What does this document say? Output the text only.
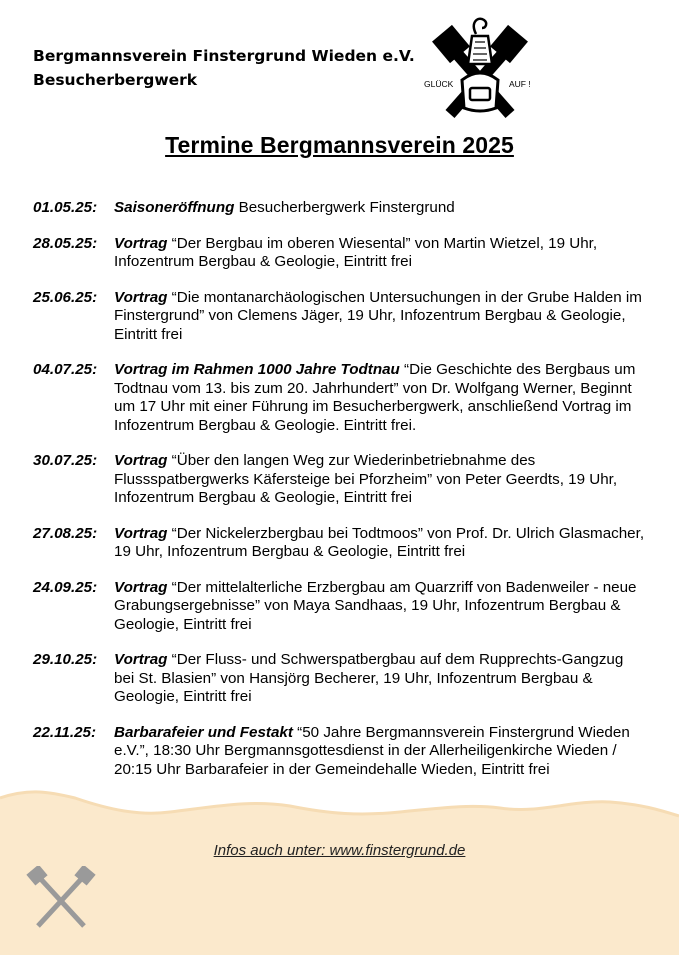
Bergmannsverein Finstergrund Wieden e.V.
Besucherbergwerk	GLÜCK	AUF !
Termine Bergmannsverein 2025
01.05.25:	Saisoneröffnung Besucherbergwerk Finstergrund
28.05.25:	Vortrag “Der Bergbau im oberen Wiesental” von Martin Wietzel, 19 Uhr, Infozentrum Bergbau & Geologie, Eintritt frei
25.06.25:	Vortrag “Die montanarchäologischen Untersuchungen in der Grube Halden im Finstergrund” von Clemens Jäger, 19 Uhr, Infozentrum Bergbau & Geologie, Eintritt frei
04.07.25:	Vortrag im Rahmen 1000 Jahre Todtnau “Die Geschichte des Bergbaus um Todtnau vom 13. bis zum 20. Jahrhundert” von Dr. Wolfgang Werner, Beginnt um 17 Uhr mit einer Führung im Besucherbergwerk, anschließend Vortrag im Infozentrum Bergbau & Geologie. Eintritt frei.
30.07.25:	Vortrag “Über den langen Weg zur Wiederinbetriebnahme des Flussspatbergwerks Käfersteige bei Pforzheim” von Peter Geerdts, 19 Uhr, Infozentrum Bergbau & Geologie, Eintritt frei
27.08.25:	Vortrag “Der Nickelerzbergbau bei Todtmoos” von Prof. Dr. Ulrich Glasmacher, 19 Uhr, Infozentrum Bergbau & Geologie, Eintritt frei
24.09.25:	Vortrag “Der mittelalterliche Erzbergbau am Quarzriff von Badenweiler - neue Grabungsergebnisse” von Maya Sandhaas, 19 Uhr, Infozentrum Bergbau & Geologie, Eintritt frei
29.10.25:	Vortrag “Der Fluss- und Schwerspatbergbau auf dem Rupprechts-Gangzug bei St. Blasien” von Hansjörg Becherer, 19 Uhr, Infozentrum Bergbau & Geologie, Eintritt frei
22.11.25:	Barbarafeier und Festakt “50 Jahre Bergmannsverein Finstergrund Wieden e.V.”, 18:30 Uhr Bergmannsgottesdienst in der Allerheiligenkirche Wieden / 20:15 Uhr Barbarafeier in der Gemeindehalle Wieden, Eintritt frei
Infos auch unter: www.finstergrund.de
